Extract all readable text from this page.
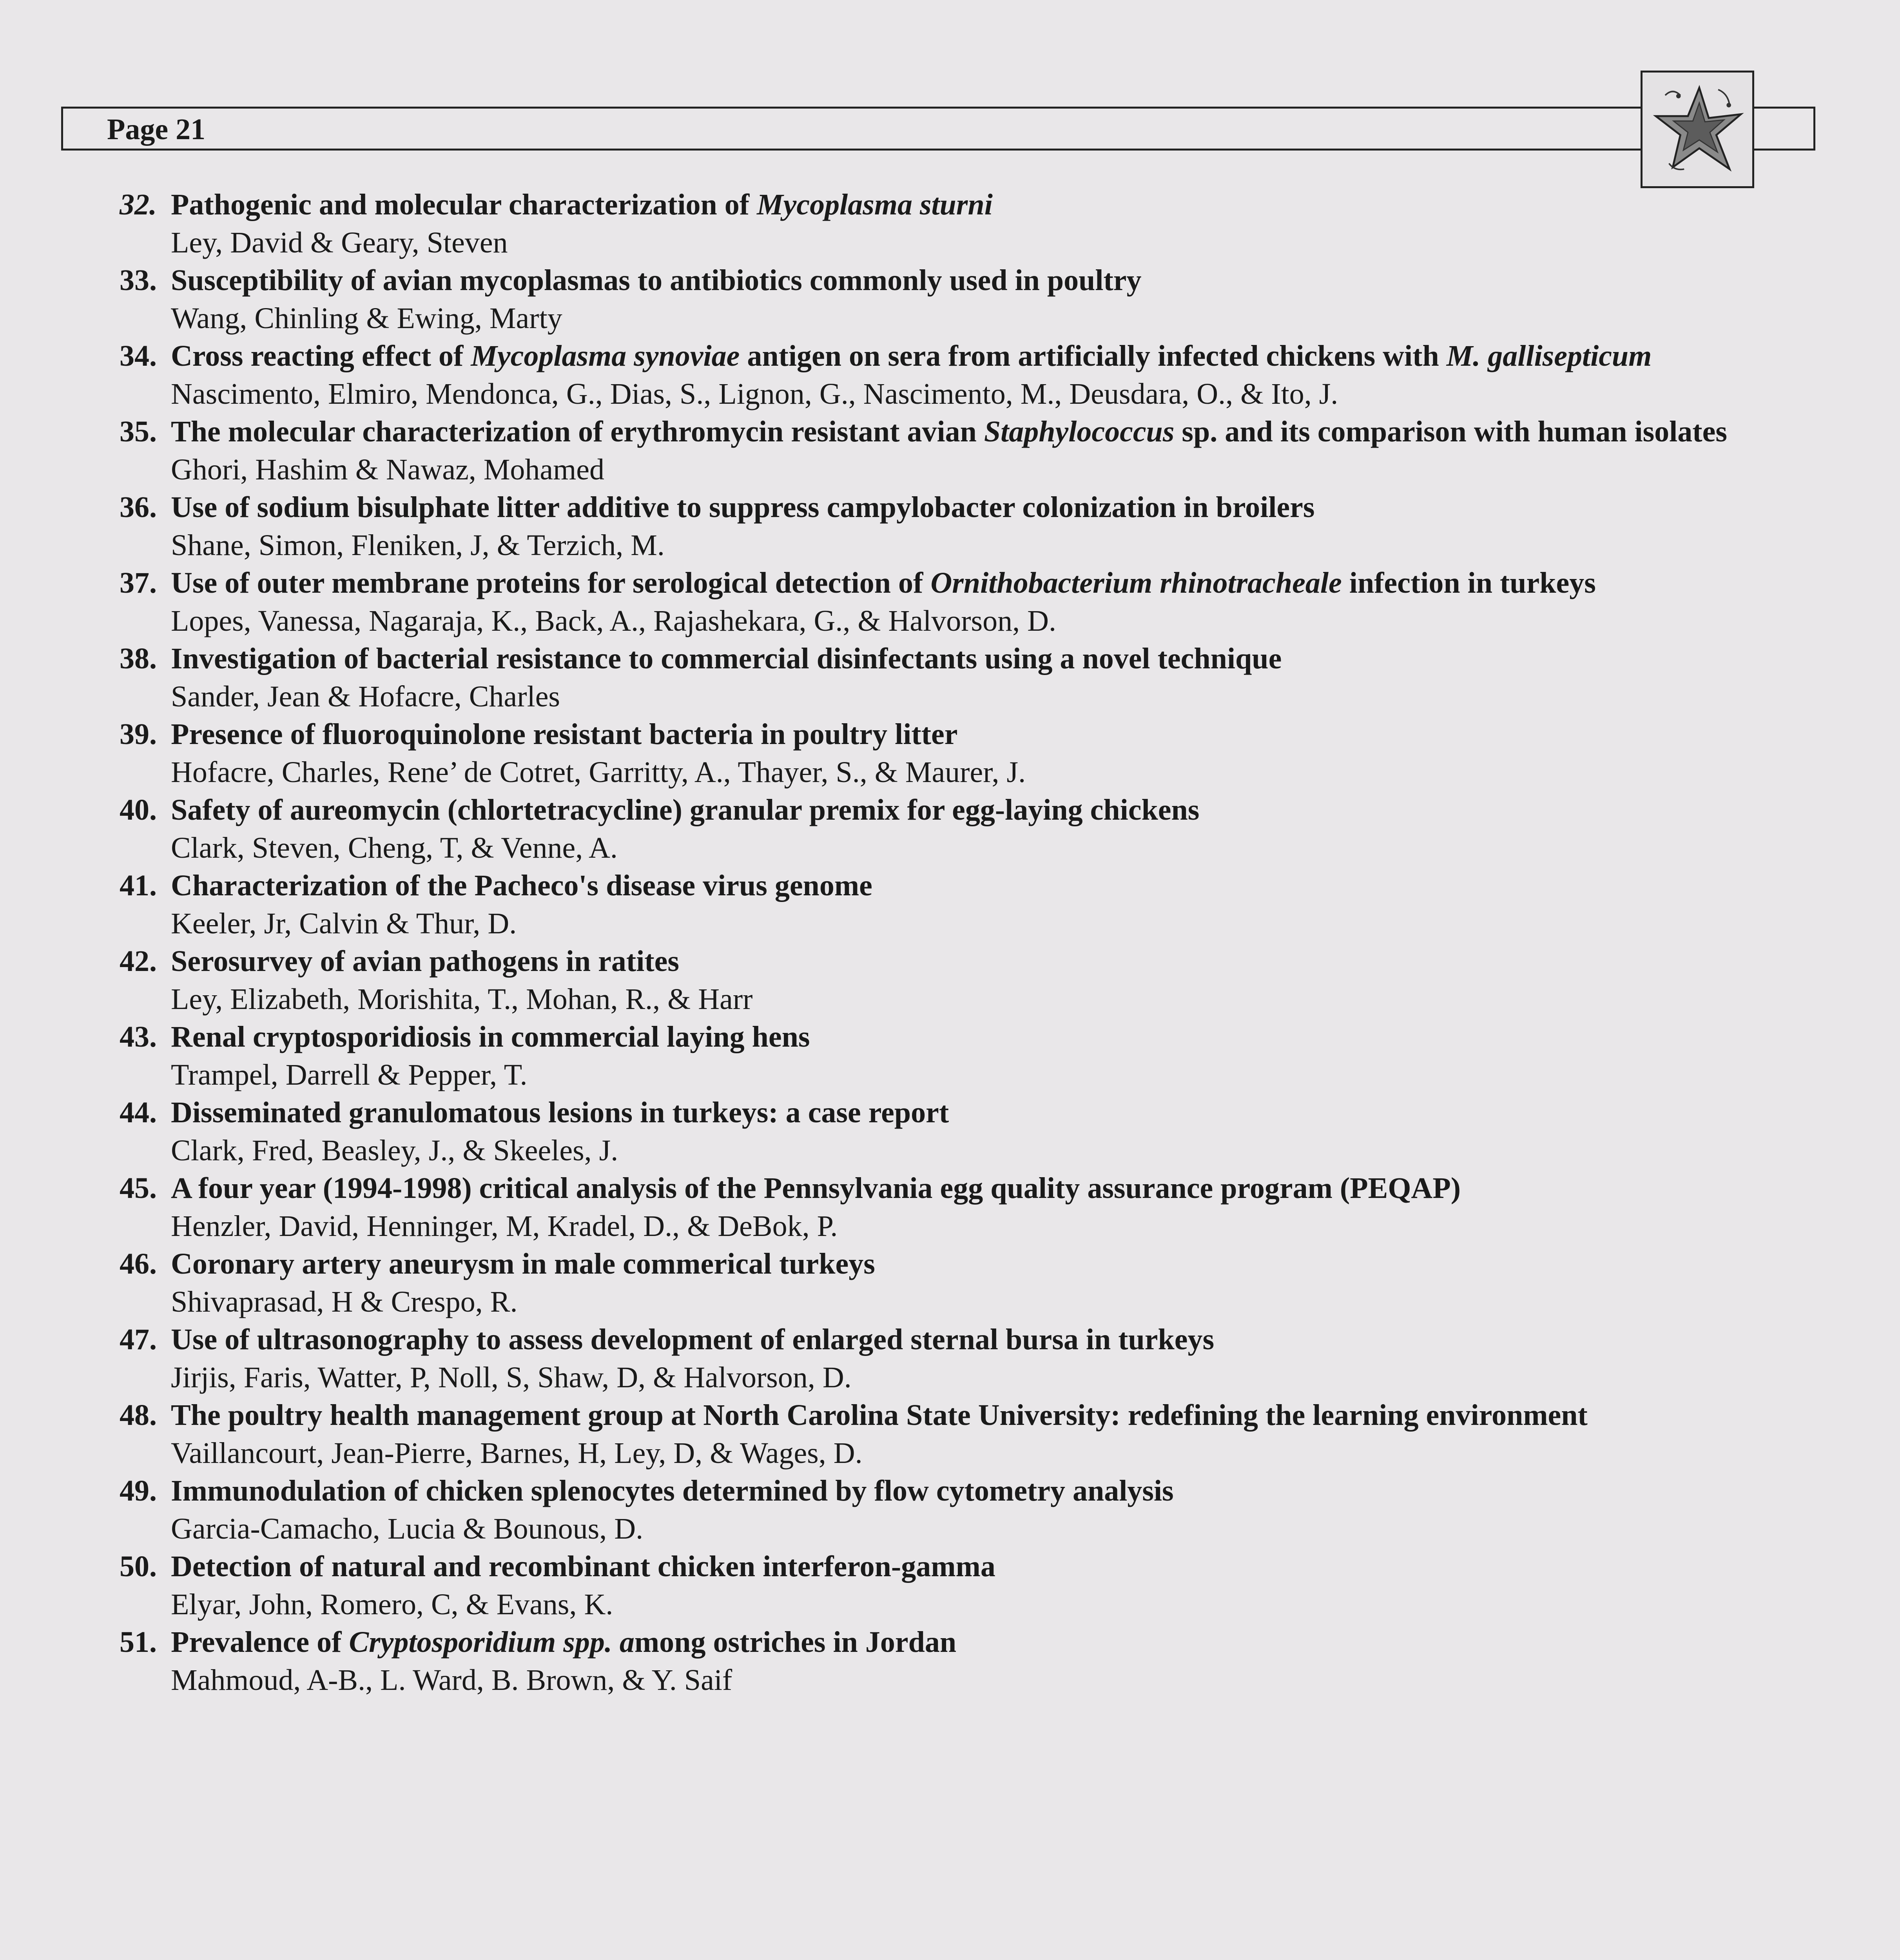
Page 21
32. Pathogenic and molecular characterization of Mycoplasma sturni
Ley, David & Geary, Steven
33. Susceptibility of avian mycoplasmas to antibiotics commonly used in poultry
Wang, Chinling & Ewing, Marty
34. Cross reacting effect of Mycoplasma synoviae antigen on sera from artificially infected chickens with M. gallisepticum
Nascimento, Elmiro, Mendonca, G., Dias, S., Lignon, G., Nascimento, M., Deusdara, O., & Ito, J.
35. The molecular characterization of erythromycin resistant avian Staphylococcus sp. and its comparison with human isolates
Ghori, Hashim & Nawaz, Mohamed
36. Use of sodium bisulphate litter additive to suppress campylobacter colonization in broilers
Shane, Simon, Fleniken, J, & Terzich, M.
37. Use of outer membrane proteins for serological detection of Ornithobacterium rhinotracheale infection in turkeys
Lopes, Vanessa, Nagaraja, K., Back, A., Rajashekara, G., & Halvorson, D.
38. Investigation of bacterial resistance to commercial disinfectants using a novel technique
Sander, Jean & Hofacre, Charles
39. Presence of fluoroquinolone resistant bacteria in poultry litter
Hofacre, Charles, Rene’ de Cotret, Garritty, A., Thayer, S., & Maurer, J.
40. Safety of aureomycin (chlortetracycline) granular premix for egg-laying chickens
Clark, Steven, Cheng, T, & Venne, A.
41. Characterization of the Pacheco's disease virus genome
Keeler, Jr, Calvin & Thur, D.
42. Serosurvey of avian pathogens in ratites
Ley, Elizabeth, Morishita, T., Mohan, R., & Harr
43. Renal cryptosporidiosis in commercial laying hens
Trampel, Darrell & Pepper, T.
44. Disseminated granulomatous lesions in turkeys: a case report
Clark, Fred, Beasley, J., & Skeeles, J.
45. A four year (1994-1998) critical analysis of the Pennsylvania egg quality assurance program (PEQAP)
Henzler, David, Henninger, M, Kradel, D., & DeBok, P.
46. Coronary artery aneurysm in male commerical turkeys
Shivaprasad, H & Crespo, R.
47. Use of ultrasonography to assess development of enlarged sternal bursa in turkeys
Jirjis, Faris, Watter, P, Noll, S, Shaw, D, & Halvorson, D.
48. The poultry health management group at North Carolina State University: redefining the learning environment
Vaillancourt, Jean-Pierre, Barnes, H, Ley, D, & Wages, D.
49. Immunodulation of chicken splenocytes determined by flow cytometry analysis
Garcia-Camacho, Lucia & Bounous, D.
50. Detection of natural and recombinant chicken interferon-gamma
Elyar, John, Romero, C, & Evans, K.
51. Prevalence of Cryptosporidium spp. among ostriches in Jordan
Mahmoud, A-B., L. Ward, B. Brown, & Y. Saif
